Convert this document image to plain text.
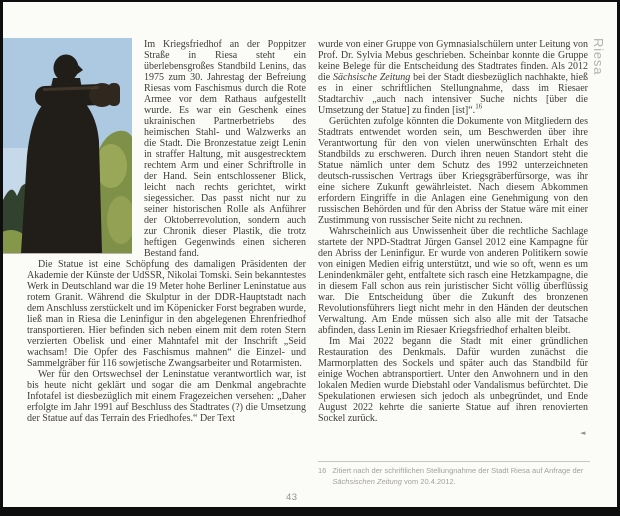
Im Kriegsfriedhof an der Poppitzer Straße in Riesa steht ein überlebensgroßes Standbild Lenins, das 1975 zum 30. Jahrestag der Befreiung Riesas vom Faschismus durch die Rote Armee vor dem Rathaus aufgestellt wurde. Es war ein Geschenk eines ukrainischen Partnerbetriebs des heimischen Stahl- und Walzwerks an die Stadt. Die Bronzestatue zeigt Lenin in straffer Haltung, mit ausgestrecktem rechtem Arm und einer Schriftrolle in der Hand. Sein entschlossener Blick, leicht nach rechts gerichtet, wirkt siegessicher. Das passt nicht nur zu seiner historischen Rolle als Anführer der Oktoberrevolution, sondern auch zur Chronik dieser Plastik, die trotz heftigen Gegenwinds einen sicheren Bestand fand.

Die Statue ist eine Schöpfung des damaligen Präsidenten der Akademie der Künste der UdSSR, Nikolai Tomski. Sein bekanntestes Werk in Deutschland war die 19 Meter hohe Berliner Leninstatue aus rotem Granit. Während die Skulptur in der DDR-Hauptstadt nach dem Anschluss zerstückelt und im Köpenicker Forst begraben wurde, ließ man in Riesa die Leninfigur in den abgelegenen Ehrenfriedhof transportieren. Hier befinden sich neben einem mit dem roten Stern verzierten Obelisk und einer Mahntafel mit der Inschrift „Seid wachsam! Die Opfer des Faschismus mahnen“ die Einzel- und Sammelgräber für 116 sowjetische Zwangsarbeiter und Rotarmisten.

Wer für den Ortswechsel der Leninstatue verantwortlich war, ist bis heute nicht geklärt und sogar die am Denkmal angebrachte Infotafel ist diesbezüglich mit einem Fragezeichen versehen: „Daher erfolgte im Jahr 1991 auf Beschluss des Stadtrates (?) die Umsetzung der Statue auf das Terrain des Friedhofes.“ Der Text

wurde von einer Gruppe von Gymnasialschülern unter Leitung von Prof. Dr. Sylvia Mebus geschrieben. Scheinbar konnte die Gruppe keine Belege für die Entscheidung des Stadtrates finden. Als 2012 die Sächsische Zeitung bei der Stadt diesbezüglich nachhakte, hieß es in einer schriftlichen Stellungnahme, dass im Riesaer Stadtarchiv „auch nach intensiver Suche nichts [über die Umsetzung der Statue] zu finden [ist]“.$^{16}$

Gerüchten zufolge könnten die Dokumente von Mitgliedern des Stadtrats entwendet worden sein, um Beschwerden über ihre Verantwortung für den von vielen unerwünschten Erhalt des Standbilds zu erschweren. Durch ihren neuen Standort steht die Statue nämlich unter dem Schutz des 1992 unterzeichneten deutsch-russischen Vertrags über Kriegsgräberfürsorge, was ihr eine sichere Zukunft gewährleistet. Nach diesem Abkommen erfordern Eingriffe in die Anlagen eine Genehmigung von den russischen Behörden und für den Abriss der Statue wäre mit einer Zustimmung von russischer Seite nicht zu rechnen.

Wahrscheinlich aus Unwissenheit über die rechtliche Sachlage startete der NPD-Stadtrat Jürgen Gansel 2012 eine Kampagne für den Abriss der Leninfigur. Er wurde von anderen Politikern sowie von einigen Medien eifrig unterstützt, und wie so oft, wenn es um Lenindenkmäler geht, entfaltete sich rasch eine Hetzkampagne, die in diesem Fall schon aus rein juristischer Sicht völlig überflüssig war. Die Entscheidung über die Zukunft des bronzenen Revolutionsführers liegt nicht mehr in den Händen der deutschen Verwaltung. Am Ende müssen sich also alle mit der Tatsache abfinden, dass Lenin im Riesaer Kriegsfriedhof erhalten bleibt.

Im Mai 2022 begann die Stadt mit einer gründlichen Restauration des Denkmals. Dafür wurden zunächst die Marmorplatten des Sockels und später auch das Standbild für einige Wochen abtransportiert. Unter den Anwohnern und in den lokalen Medien wurde Diebstahl oder Vandalismus befürchtet. Die Spekulationen erwiesen sich jedoch als unbegründet, und Ende August 2022 kehrte die sanierte Statue auf ihren renovierten Sockel zurück.

16 Zitiert nach der schriftlichen Stellungnahme der Stadt Riesa auf Anfrage der Sächsischen Zeitung vom 20.4.2012.
Riesa
◄
43
